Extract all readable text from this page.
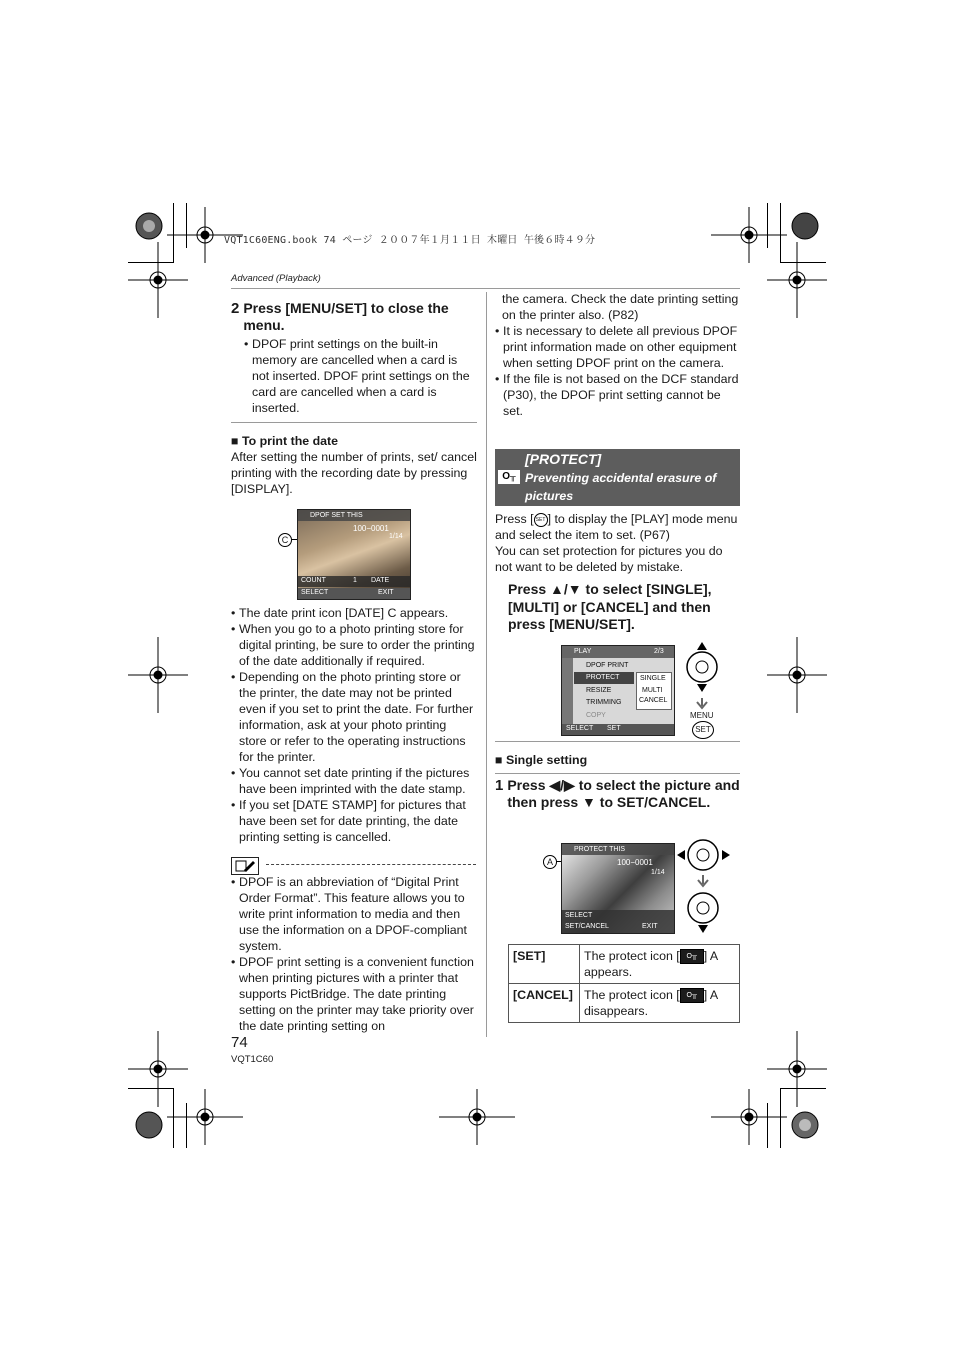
VQT1C60ENG.book 74 ページ ２００７年１月１１日 木曜日 午後６時４９分
Advanced (Playback)
2 Press [MENU/SET] to close the menu.

• DPOF print settings on the built-in memory are cancelled when a card is not inserted. DPOF print settings on the card are cancelled when a card is inserted.

■ To print the date
After setting the number of prints, set/ cancel printing with the recording date by pressing [DISPLAY].
C
DPOF SET THIS
100−0001
1/14
COUNT	1 DATE
SELECT	EXIT

• The date print icon [DATE] C appears.

• When you go to a photo printing store for digital printing, be sure to order the printing of the date additionally if required.

• Depending on the photo printing store or the printer, the date may not be printed even if you set to print the date. For further information, ask at your photo printing store or refer to the operating instructions for the printer.

• You cannot set date printing if the pictures have been imprinted with the date stamp.

• If you set [DATE STAMP] for pictures that have been set for date printing, the date printing setting is cancelled.

• DPOF is an abbreviation of “Digital Print Order Format”. This feature allows you to write print information to media and then use the information on a DPOF-compliant system.

• DPOF print setting is a convenient function when printing pictures with a printer that supports PictBridge. The date printing setting on the printer may take priority over the date printing setting on

74
VQT1C60
the camera. Check the date printing setting on the printer also. (P82)

• It is necessary to delete all previous DPOF print information made on other equipment when setting DPOF print on the camera.

• If the file is not based on the DCF standard (P30), the DPOF print setting cannot be set.

O╥
[PROTECT]
Preventing accidental erasure of pictures
Press [ SET ] to display the [PLAY] mode menu and select the item to set. (P67)
You can set protection for pictures you do not want to be deleted by mistake.
Press ▲/▼ to select [SINGLE], [MULTI] or [CANCEL] and then press [MENU/SET].
PLAY	2/3
DPOF PRINT
PROTECT
RESIZE
TRIMMING
COPY
SINGLE
MULTI
CANCEL
SELECT SET
MENU
SET
■ Single setting
1 Press ◀/▶ to select the picture and then press ▼ to SET/CANCEL.
A
PROTECT THIS
100−0001
1/14
SELECT
SET/CANCEL	EXIT
[SET]	The protect icon [ O╥ ] A appears.
[CANCEL]	The protect icon [ O╥ ] A disappears.
